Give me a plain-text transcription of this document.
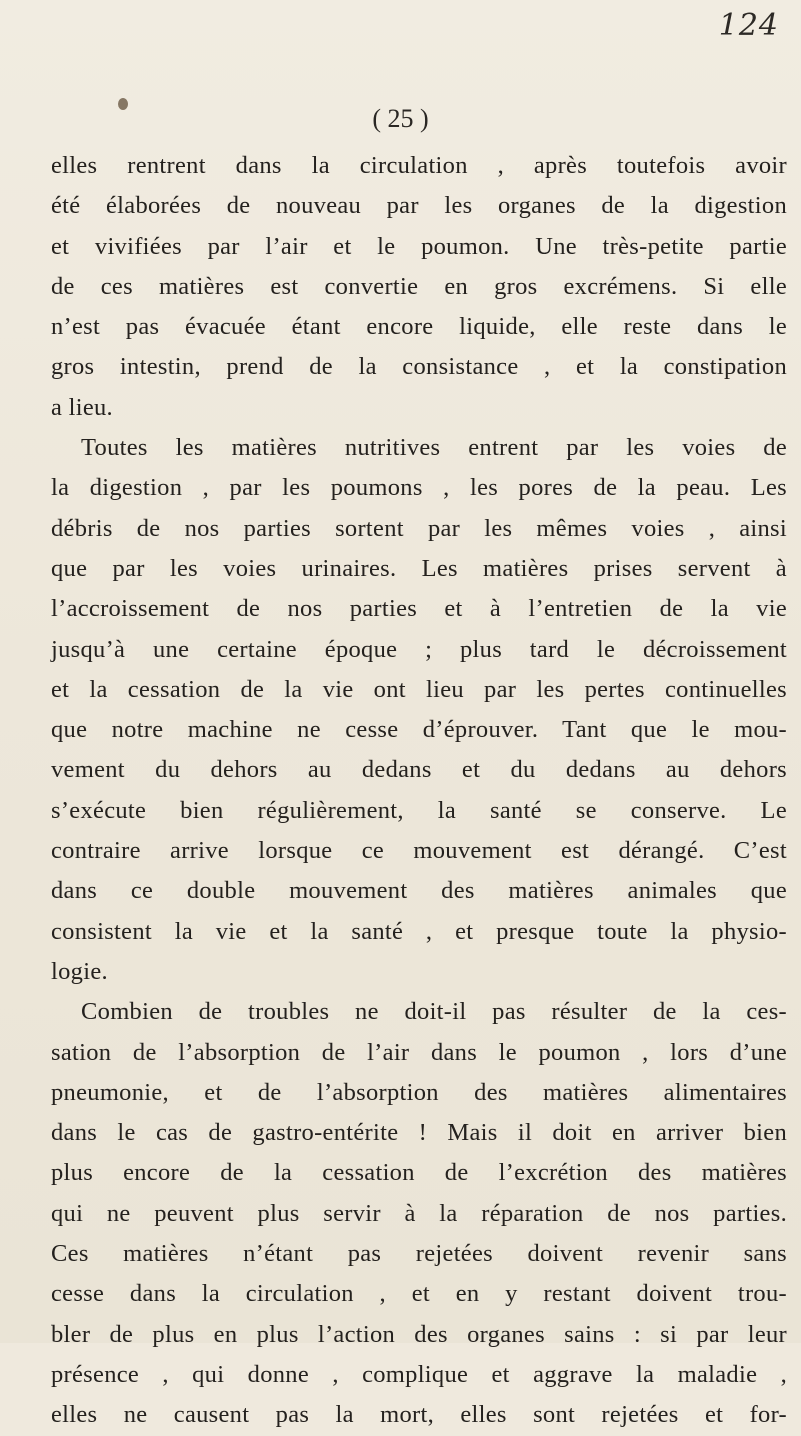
124
( 25 )
elles rentrent dans la circulation , après toutefois avoir
été élaborées de nouveau par les organes de la digestion
et vivifiées par l’air et le poumon. Une très-petite partie
de ces matières est convertie en gros excrémens. Si elle
n’est pas évacuée étant encore liquide, elle reste dans le
gros intestin, prend de la consistance , et la constipation
a lieu.
Toutes les matières nutritives entrent par les voies de
la digestion , par les poumons , les pores de la peau. Les
débris de nos parties sortent par les mêmes voies , ainsi
que par les voies urinaires. Les matières prises servent à
l’accroissement de nos parties et à l’entretien de la vie
jusqu’à une certaine époque ; plus tard le décroissement
et la cessation de la vie ont lieu par les pertes continuelles
que notre machine ne cesse d’éprouver. Tant que le mou-
vement du dehors au dedans et du dedans au dehors
s’exécute bien régulièrement, la santé se conserve. Le
contraire arrive lorsque ce mouvement est dérangé. C’est
dans ce double mouvement des matières animales que
consistent la vie et la santé , et presque toute la physio-
logie.
Combien de troubles ne doit-il pas résulter de la ces-
sation de l’absorption de l’air dans le poumon , lors d’une
pneumonie, et de l’absorption des matières alimentaires
dans le cas de gastro-entérite ! Mais il doit en arriver bien
plus encore de la cessation de l’excrétion des matières
qui ne peuvent plus servir à la réparation de nos parties.
Ces matières n’étant pas rejetées doivent revenir sans
cesse dans la circulation , et en y restant doivent trou-
bler de plus en plus l’action des organes sains : si par leur
présence , qui donne , complique et aggrave la maladie ,
elles ne causent pas la mort, elles sont rejetées et for-
